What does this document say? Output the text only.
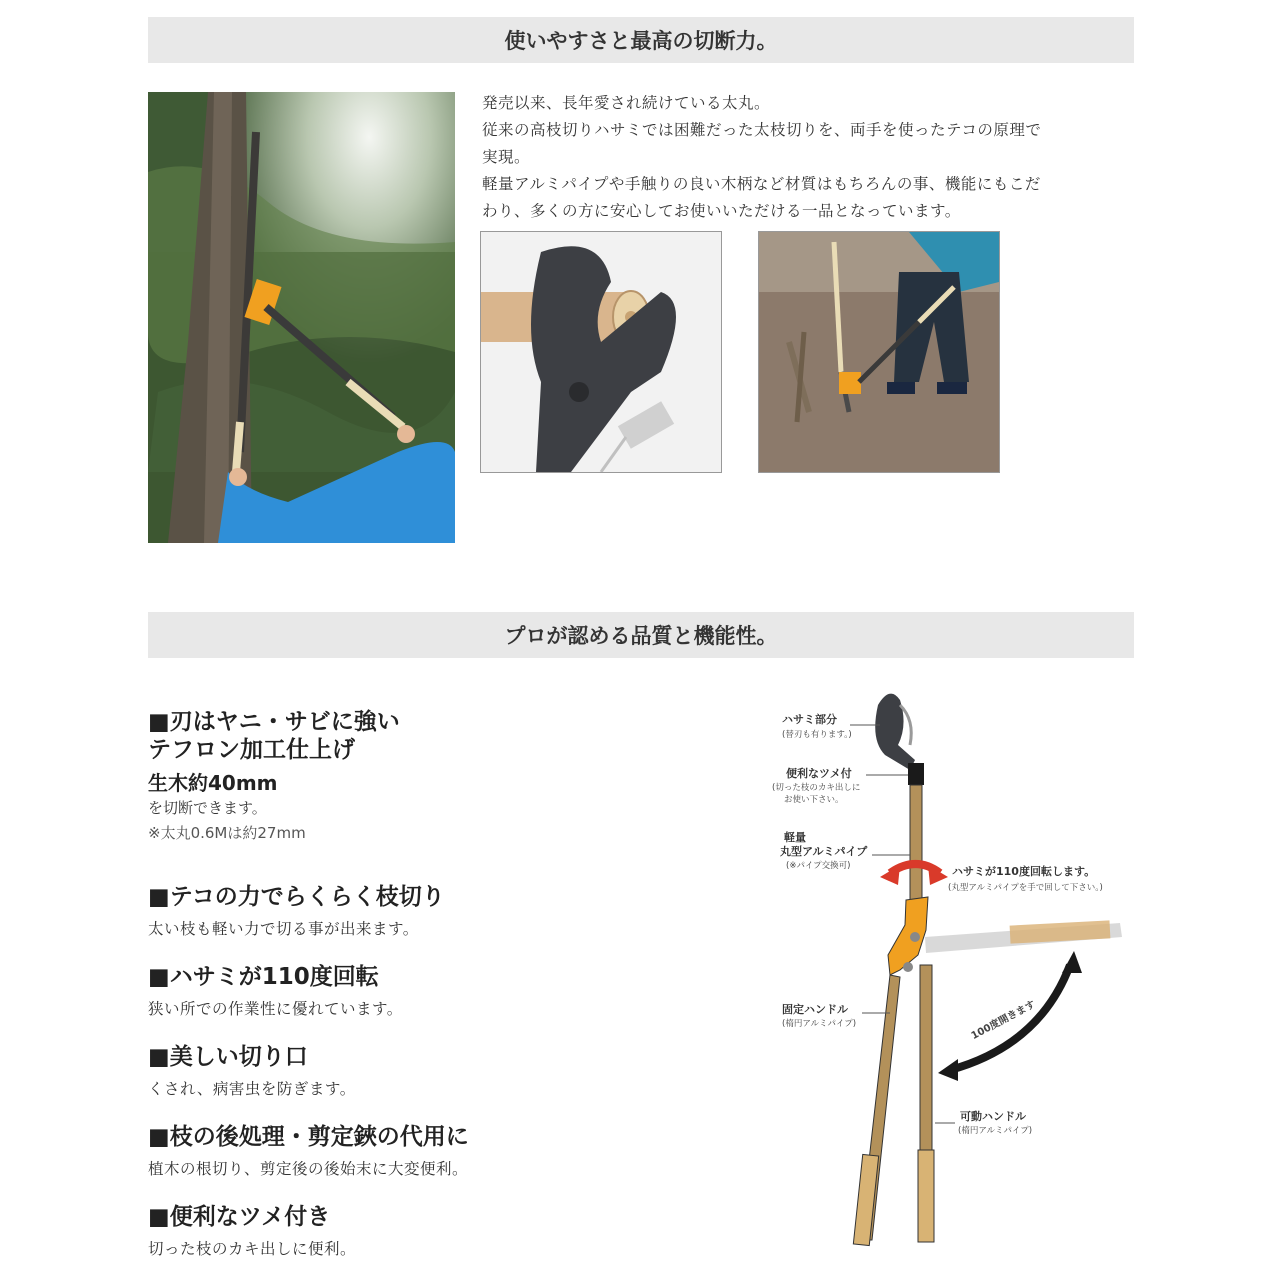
使いやすさと最高の切断力。
発売以来、長年愛され続けている太丸。
従来の高枝切りハサミでは困難だった太枝切りを、両手を使ったテコの原理で
実現。
軽量アルミパイプや手触りの良い木柄など材質はもちろんの事、機能にもこだ
わり、多くの方に安心してお使いいただける一品となっています。
プロが認める品質と機能性。
■刃はヤニ・サビに強い
テフロン加工仕上げ
生木約40mm
を切断できます。
※太丸0.6Mは約27mm
■テコの力でらくらく枝切り
太い枝も軽い力で切る事が出来ます。
■ハサミが110度回転
狭い所での作業性に優れています。
■美しい切り口
くされ、病害虫を防ぎます。
■枝の後処理・剪定鋏の代用に
植木の根切り、剪定後の後始末に大変便利。
■便利なツメ付き
切った枝のカキ出しに便利。
ハサミ部分
(替刃も有ります。)
便利なツメ付
(切った枝のカキ出しに
お使い下さい。
軽量
丸型アルミパイプ
(※パイプ交換可)	ハサミが110度回転します。
(丸型アルミパイプを手で回して下さい。)
固定ハンドル
(楕円アルミパイプ)	100度開きます
可動ハンドル
(楕円アルミパイプ)
